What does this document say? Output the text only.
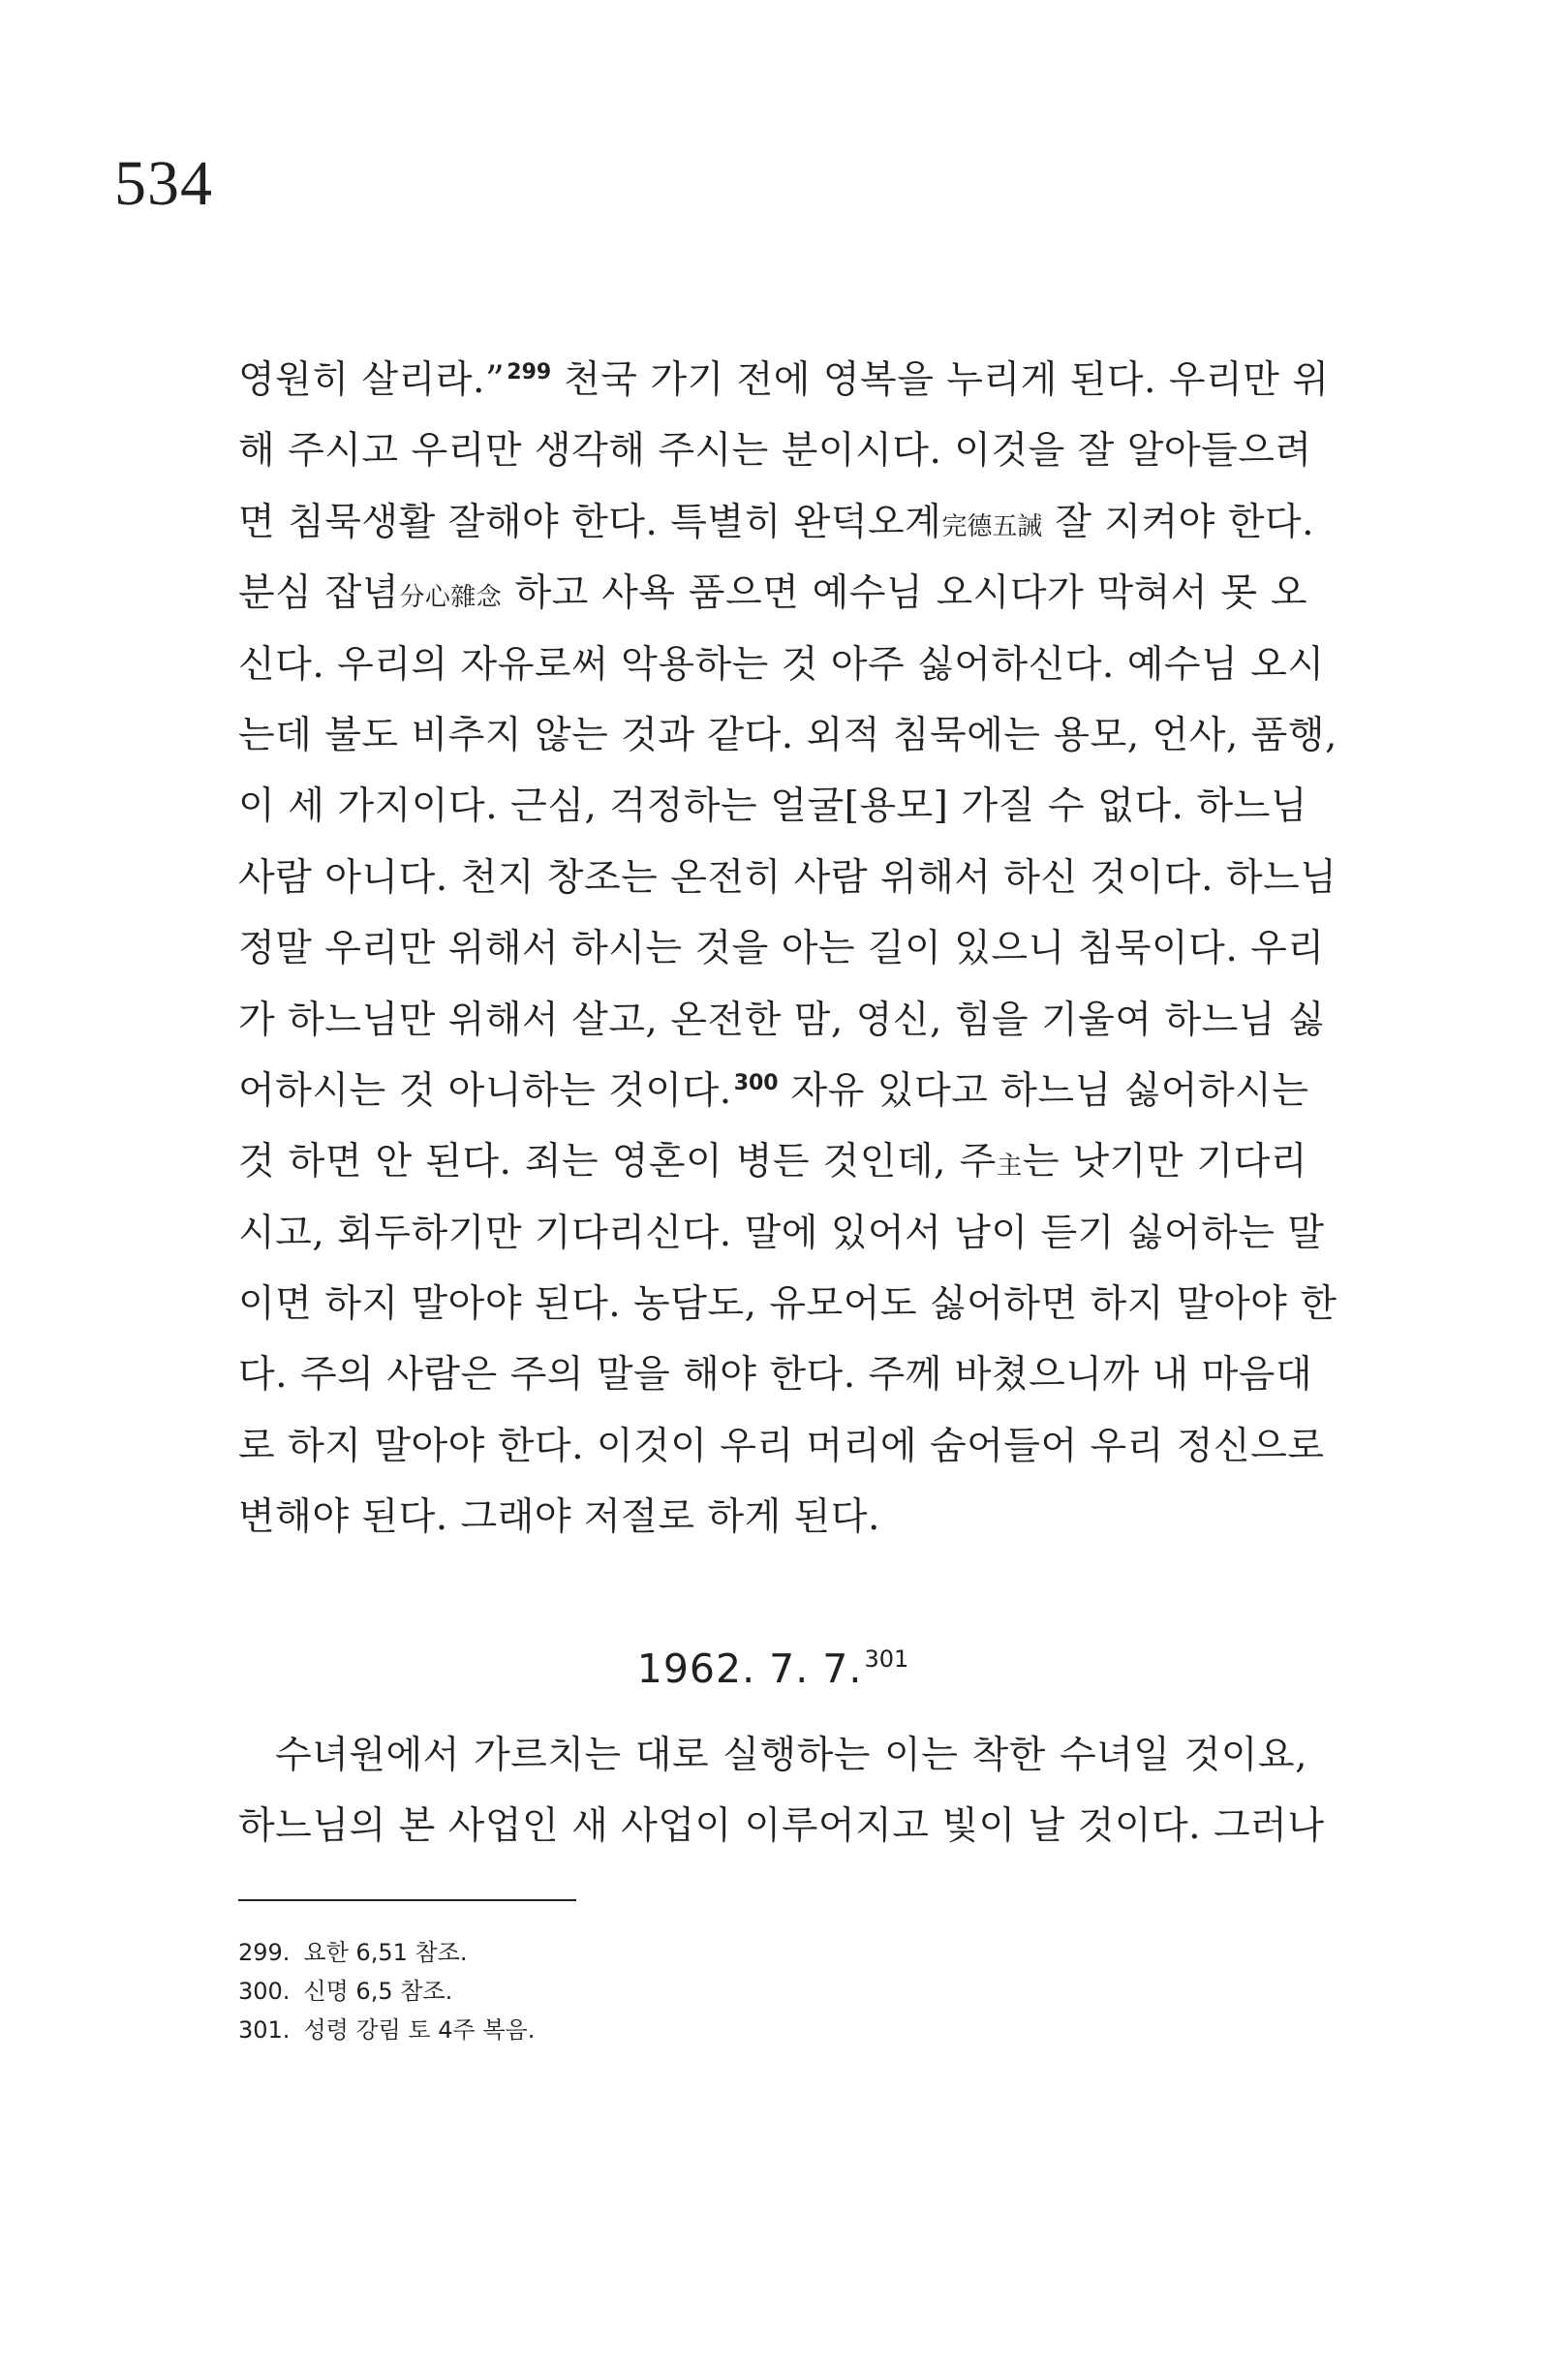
534
영원히 살리라.”$^{299}$ 천국 가기 전에 영복을 누리게 된다. 우리만 위
해 주시고 우리만 생각해 주시는 분이시다. 이것을 잘 알아들으려
면 침묵생활 잘해야 한다. 특별히 완덕오계完德五誡 잘 지켜야 한다.
분심 잡념分心雜念 하고 사욕 품으면 예수님 오시다가 막혀서 못 오
신다. 우리의 자유로써 악용하는 것 아주 싫어하신다. 예수님 오시
는데 불도 비추지 않는 것과 같다. 외적 침묵에는 용모, 언사, 품행,
이 세 가지이다. 근심, 걱정하는 얼굴[용모] 가질 수 없다. 하느님
사람 아니다. 천지 창조는 온전히 사람 위해서 하신 것이다. 하느님
정말 우리만 위해서 하시는 것을 아는 길이 있으니 침묵이다. 우리
가 하느님만 위해서 살고, 온전한 맘, 영신, 힘을 기울여 하느님 싫
어하시는 것 아니하는 것이다.$^{300}$ 자유 있다고 하느님 싫어하시는
것 하면 안 된다. 죄는 영혼이 병든 것인데, 주主는 낫기만 기다리
시고, 회두하기만 기다리신다. 말에 있어서 남이 듣기 싫어하는 말
이면 하지 말아야 된다. 농담도, 유모어도 싫어하면 하지 말아야 한
다. 주의 사람은 주의 말을 해야 한다. 주께 바쳤으니까 내 마음대
로 하지 말아야 한다. 이것이 우리 머리에 숨어들어 우리 정신으로
변해야 된다. 그래야 저절로 하게 된다.
1962. 7. 7.$^{301}$
수녀원에서 가르치는 대로 실행하는 이는 착한 수녀일 것이요,
하느님의 본 사업인 새 사업이 이루어지고 빛이 날 것이다. 그러나
299. 요한 6,51 참조.
300. 신명 6,5 참조.
301. 성령 강림 토 4주 복음.
